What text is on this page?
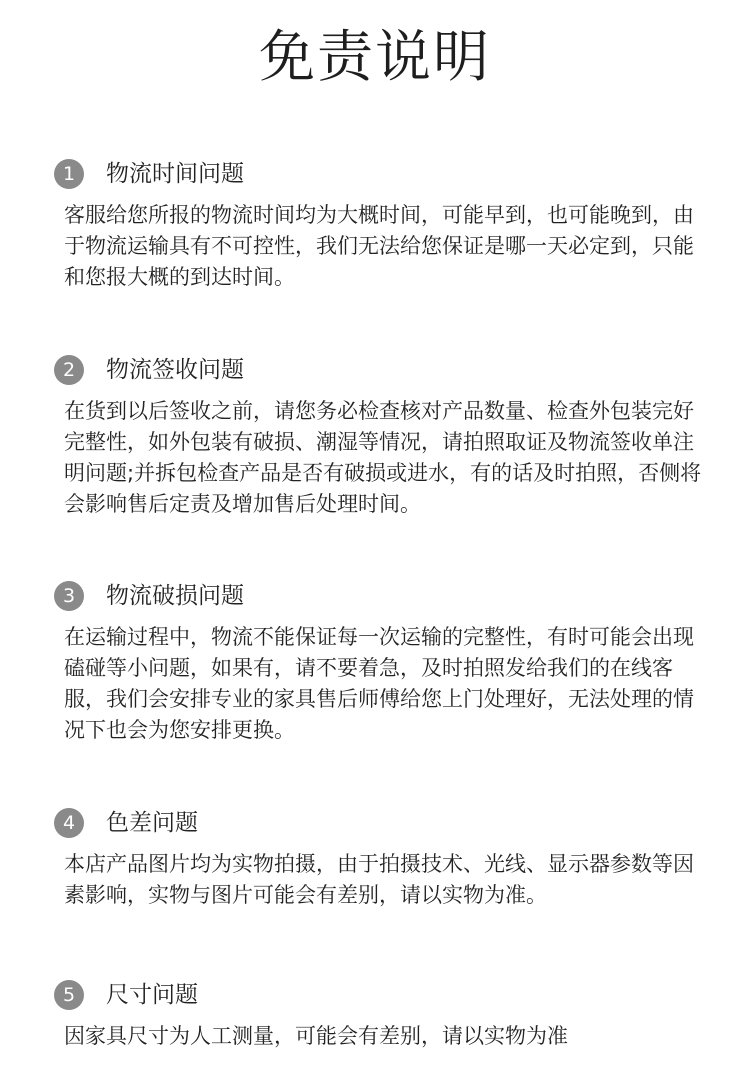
免责说明
1	物流时间问题
客服给您所报的物流时间均为大概时间，可能早到，也可能晚到，由于物流运输具有不可控性，我们无法给您保证是哪一天必定到，只能和您报大概的到达时间。
2	物流签收问题
在货到以后签收之前，请您务必检查核对产品数量、检查外包装完好完整性，如外包装有破损、潮湿等情况，请拍照取证及物流签收单注明问题;并拆包检查产品是否有破损或进水，有的话及时拍照，否侧将会影响售后定责及增加售后处理时间。
3	物流破损问题
在运输过程中，物流不能保证每一次运输的完整性，有时可能会出现磕碰等小问题，如果有，请不要着急，及时拍照发给我们的在线客服，我们会安排专业的家具售后师傅给您上门处理好，无法处理的情况下也会为您安排更换。
4	色差问题
本店产品图片均为实物拍摄，由于拍摄技术、光线、显示器参数等因素影响，实物与图片可能会有差别，请以实物为准。
5	尺寸问题
因家具尺寸为人工测量，可能会有差别，请以实物为准
